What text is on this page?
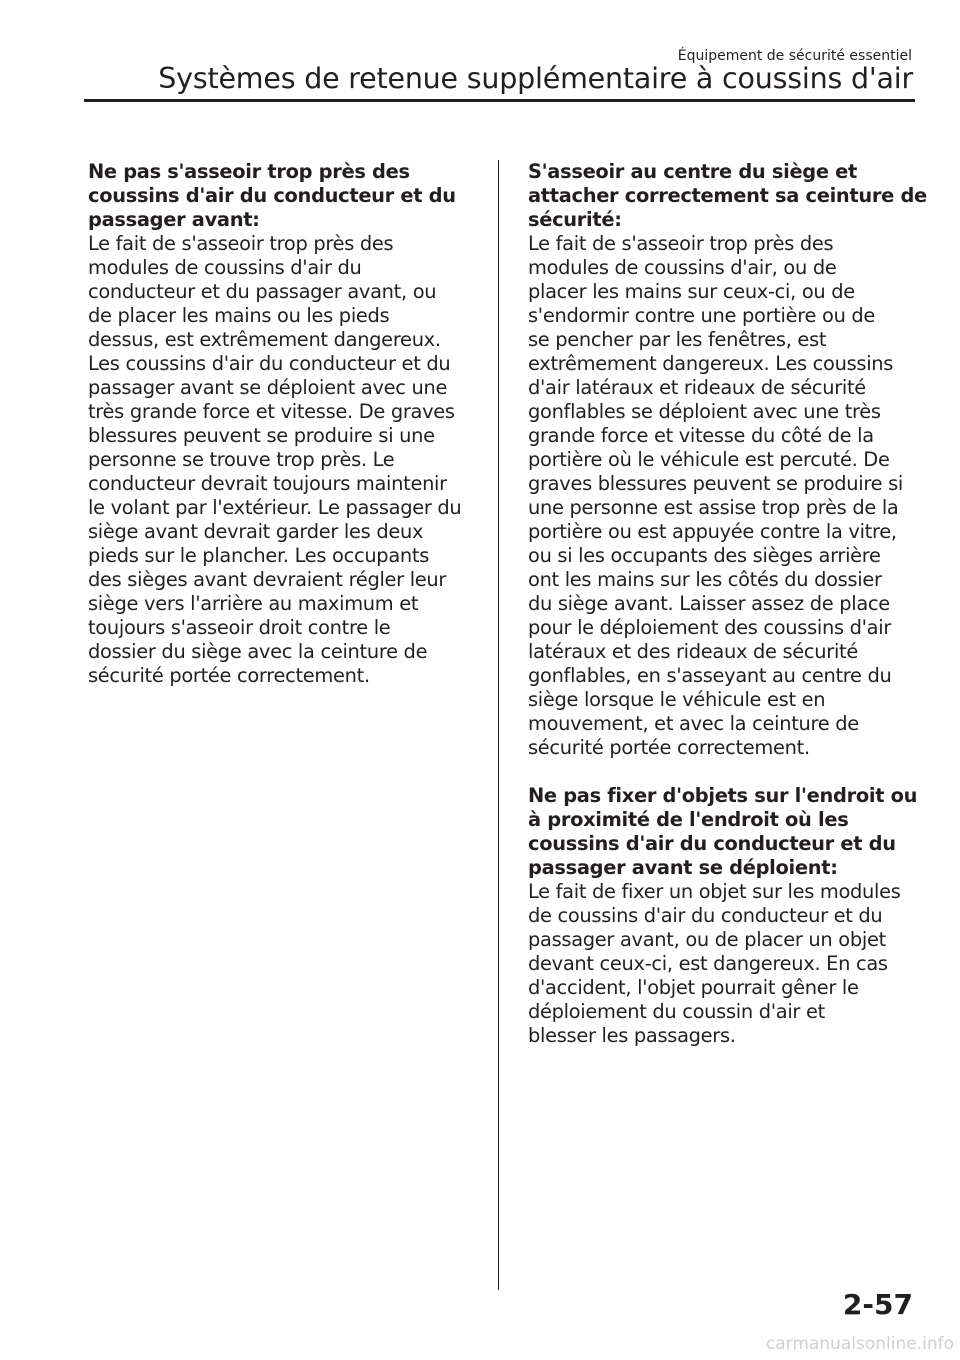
Équipement de sécurité essentiel
Systèmes de retenue supplémentaire à coussins d'air
Ne pas s'asseoir trop près des
coussins d'air du conducteur et du
passager avant:
Le fait de s'asseoir trop près des
modules de coussins d'air du
conducteur et du passager avant, ou
de placer les mains ou les pieds
dessus, est extrêmement dangereux.
Les coussins d'air du conducteur et du
passager avant se déploient avec une
très grande force et vitesse. De graves
blessures peuvent se produire si une
personne se trouve trop près. Le
conducteur devrait toujours maintenir
le volant par l'extérieur. Le passager du
siège avant devrait garder les deux
pieds sur le plancher. Les occupants
des sièges avant devraient régler leur
siège vers l'arrière au maximum et
toujours s'asseoir droit contre le
dossier du siège avec la ceinture de
sécurité portée correctement.
S'asseoir au centre du siège et
attacher correctement sa ceinture de
sécurité:
Le fait de s'asseoir trop près des
modules de coussins d'air, ou de
placer les mains sur ceux-ci, ou de
s'endormir contre une portière ou de
se pencher par les fenêtres, est
extrêmement dangereux. Les coussins
d'air latéraux et rideaux de sécurité
gonflables se déploient avec une très
grande force et vitesse du côté de la
portière où le véhicule est percuté. De
graves blessures peuvent se produire si
une personne est assise trop près de la
portière ou est appuyée contre la vitre,
ou si les occupants des sièges arrière
ont les mains sur les côtés du dossier
du siège avant. Laisser assez de place
pour le déploiement des coussins d'air
latéraux et des rideaux de sécurité
gonflables, en s'asseyant au centre du
siège lorsque le véhicule est en
mouvement, et avec la ceinture de
sécurité portée correctement.
Ne pas fixer d'objets sur l'endroit ou
à proximité de l'endroit où les
coussins d'air du conducteur et du
passager avant se déploient:
Le fait de fixer un objet sur les modules
de coussins d'air du conducteur et du
passager avant, ou de placer un objet
devant ceux-ci, est dangereux. En cas
d'accident, l'objet pourrait gêner le
déploiement du coussin d'air et
blesser les passagers.
2-57
carmanualsonline.info
